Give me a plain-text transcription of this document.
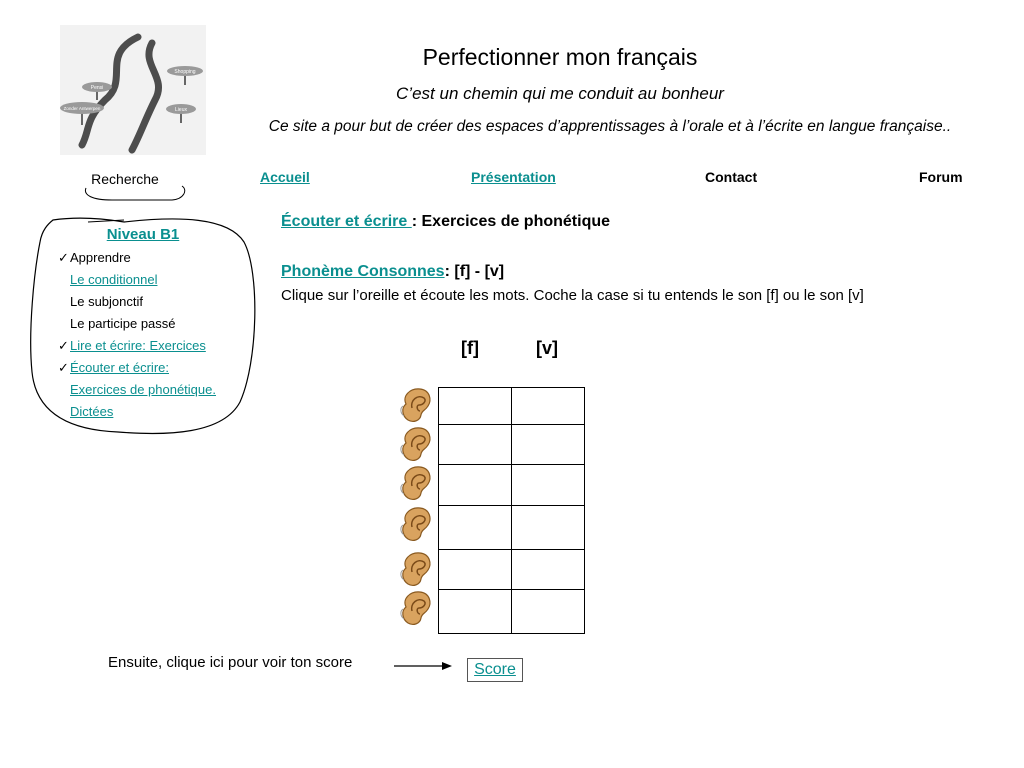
Shopping
Pensi
Lieux
Zonder Antwerpen
Perfectionner mon français
C’est un chemin qui me conduit au bonheur
Ce site a pour but de créer des espaces d’apprentissages à l’orale et à l’écrite en langue française..
Recherche	Accueil	Présentation	Contact	Forum
Niveau B1
✓Apprendre
Le conditionnel
Le subjonctif
Le participe passé
✓Lire et écrire: Exercices
✓Écouter et écrire:
Exercices de phonétique.
Dictées
Écouter et écrire : Exercices de phonétique
Phonème Consonnes: [f] - [v]
Clique sur l’oreille et écoute les mots. Coche la case si tu entends le son [f] ou le son [v]
[f]	[v]

Ensuite, clique ici pour voir ton score	Score
